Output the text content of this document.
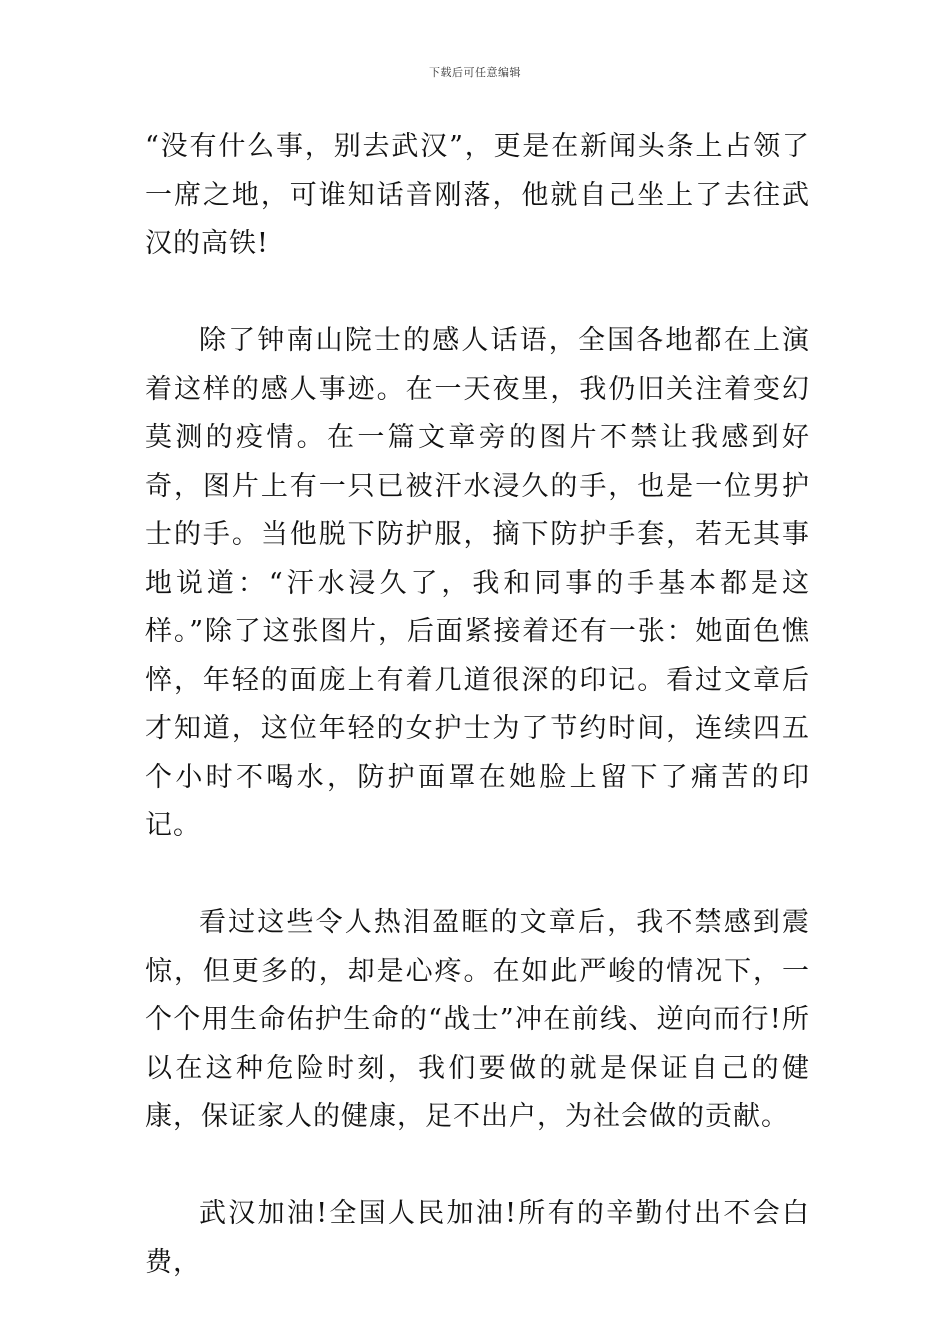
下载后可任意编辑

“没有什么事，别去武汉”，更是在新闻头条上占领了一席之地，可谁知话音刚落，他就自己坐上了去往武汉的高铁!

除了钟南山院士的感人话语，全国各地都在上演着这样的感人事迹。在一天夜里，我仍旧关注着变幻莫测的疫情。在一篇文章旁的图片不禁让我感到好奇，图片上有一只已被汗水浸久的手，也是一位男护士的手。当他脱下防护服，摘下防护手套，若无其事地说道：“汗水浸久了，我和同事的手基本都是这样。”除了这张图片，后面紧接着还有一张：她面色憔悴，年轻的面庞上有着几道很深的印记。看过文章后才知道，这位年轻的女护士为了节约时间，连续四五个小时不喝水，防护面罩在她脸上留下了痛苦的印记。

看过这些令人热泪盈眶的文章后，我不禁感到震惊，但更多的，却是心疼。在如此严峻的情况下，一个个用生命佑护生命的“战士”冲在前线、逆向而行!所以在这种危险时刻，我们要做的就是保证自己的健康，保证家人的健康，足不出户，为社会做的贡献。

武汉加油!全国人民加油!所有的辛勤付出不会白费，
